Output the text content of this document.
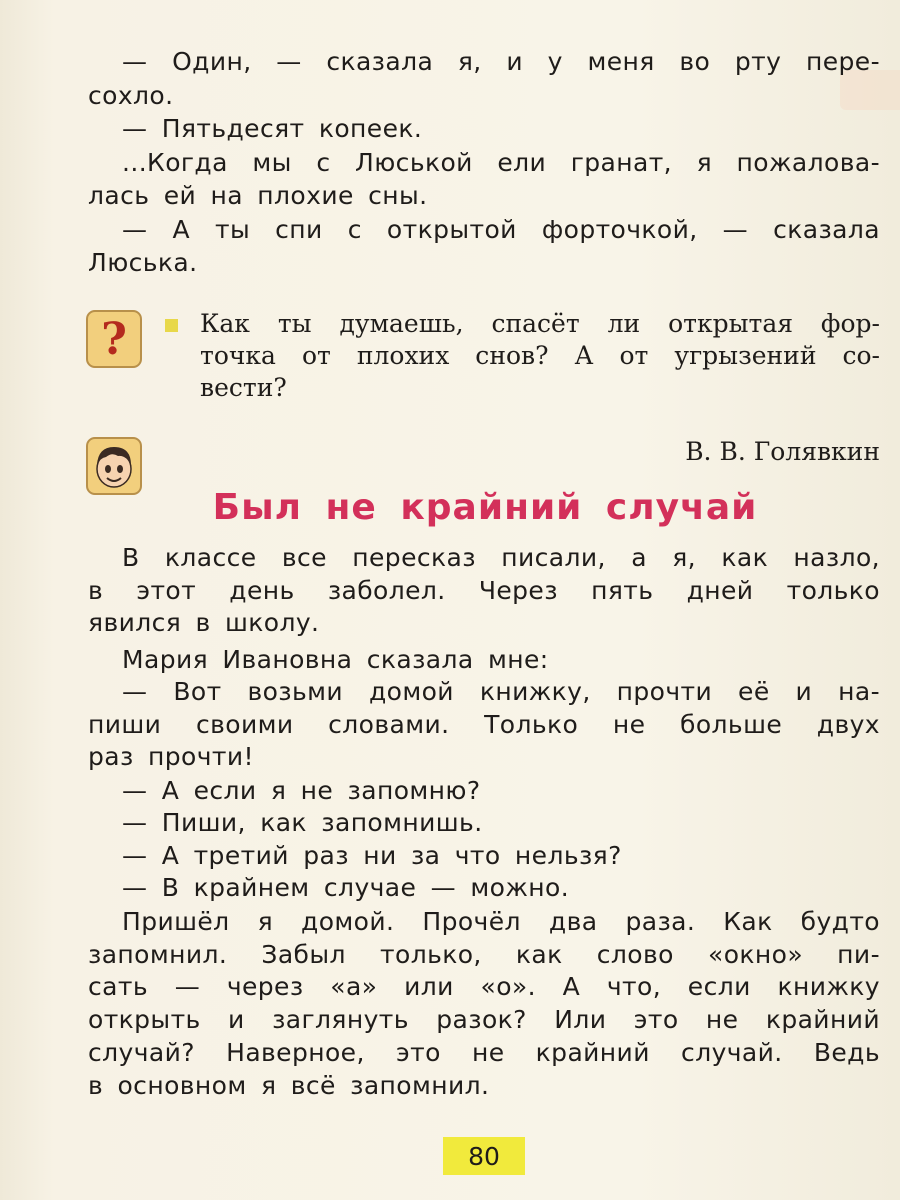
— Один, — сказала я, и у меня во рту пере-
сохло.
— Пятьдесят копеек.
...Когда мы с Люськой ели гранат, я пожалова-
лась ей на плохие сны.
— А ты спи с открытой форточкой, — сказала
Люська.
?	Как ты думаешь, спасёт ли открытая фор-
точка от плохих снов? А от угрызений со-
вести?
В. В. Голявкин
Был не крайний случай
В классе все пересказ писали, а я, как назло,
в этот день заболел. Через пять дней только
явился в школу.
Мария Ивановна сказала мне:
— Вот возьми домой книжку, прочти её и на-
пиши своими словами. Только не больше двух
раз прочти!
— А если я не запомню?
— Пиши, как запомнишь.
— А третий раз ни за что нельзя?
— В крайнем случае — можно.
Пришёл я домой. Прочёл два раза. Как будто
запомнил. Забыл только, как слово «окно» пи-
сать — через «а» или «о». А что, если книжку
открыть и заглянуть разок? Или это не крайний
случай? Наверное, это не крайний случай. Ведь
в основном я всё запомнил.
80
